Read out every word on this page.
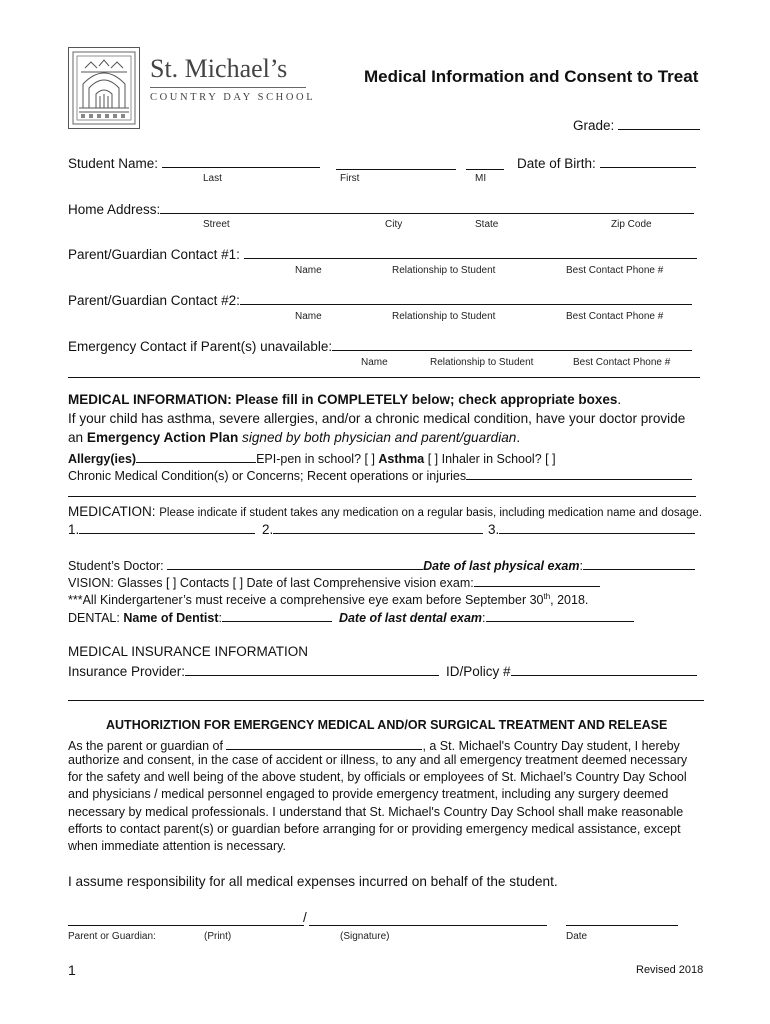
St. Michael’s
COUNTRY DAY SCHOOL
Medical Information and Consent to Treat
Grade:
Student Name:	Date of Birth:
Last	First	MI
Home Address:
Street	City	State	Zip Code
Parent/Guardian Contact #1:
Name	Relationship to Student	Best Contact Phone #
Parent/Guardian Contact #2:
Name	Relationship to Student	Best Contact Phone #
Emergency Contact if Parent(s) unavailable:
Name	Relationship to Student	Best Contact Phone #
MEDICAL INFORMATION: Please fill in COMPLETELY below; check appropriate boxes.
If your child has asthma, severe allergies, and/or a chronic medical condition, have your doctor provide
an Emergency Action Plan signed by both physician and parent/guardian.
Allergy(ies)	EPI-pen in school? [ ] Asthma [ ] Inhaler in School? [ ]
Chronic Medical Condition(s) or Concerns; Recent operations or injuries
MEDICATION: Please indicate if student takes any medication on a regular basis, including medication name and dosage.
1.	2.	3.
Student’s Doctor:	Date of last physical exam:
VISION: Glasses [ ] Contacts [ ] Date of last Comprehensive vision exam:
***All Kindergartener’s must receive a comprehensive eye exam before September 30th, 2018.
DENTAL: Name of Dentist:	Date of last dental exam:
MEDICAL INSURANCE INFORMATION
Insurance Provider:	ID/Policy #
AUTHORIZTION FOR EMERGENCY MEDICAL AND/OR SURGICAL TREATMENT AND RELEASE
As the parent or guardian of	, a St. Michael's Country Day student, I hereby
authorize and consent, in the case of accident or illness, to any and all emergency treatment deemed necessary
for the safety and well being of the above student, by officials or employees of St. Michael’s Country Day School
and physicians / medical personnel engaged to provide emergency treatment, including any surgery deemed
necessary by medical professionals. I understand that St. Michael's Country Day School shall make reasonable
efforts to contact parent(s) or guardian before arranging for or providing emergency medical assistance, except
when immediate attention is necessary.
I assume responsibility for all medical expenses incurred on behalf of the student.
/
Parent or Guardian:	(Print)	(Signature)	Date
1	Revised 2018
